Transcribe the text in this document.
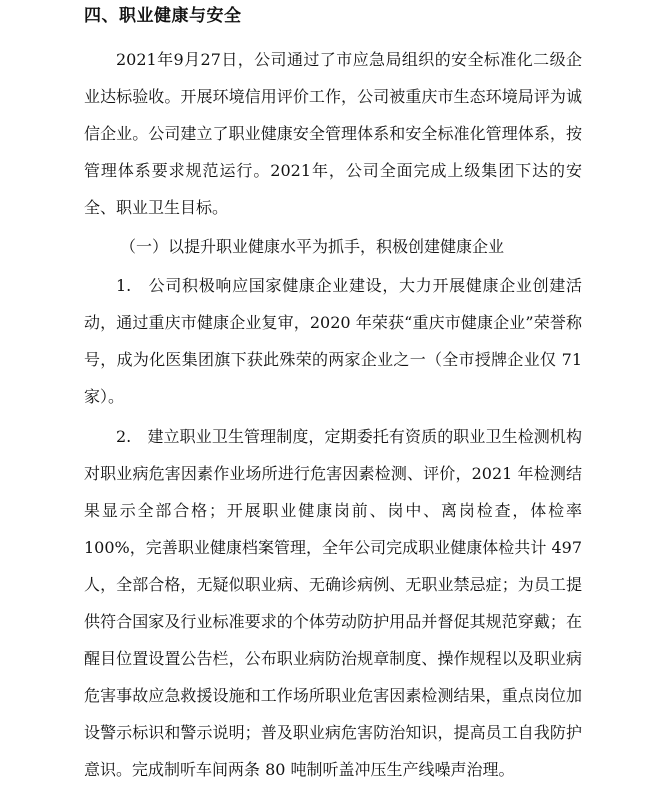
四、职业健康与安全

2021年9月27日，公司通过了市应急局组织的安全标准化二级企业达标验收。开展环境信用评价工作，公司被重庆市生态环境局评为诚信企业。公司建立了职业健康安全管理体系和安全标准化管理体系，按管理体系要求规范运行。2021年，公司全面完成上级集团下达的安全、职业卫生目标。

（一）以提升职业健康水平为抓手，积极创建健康企业

1.　公司积极响应国家健康企业建设，大力开展健康企业创建活动，通过重庆市健康企业复审，2020 年荣获“重庆市健康企业”荣誉称号，成为化医集团旗下获此殊荣的两家企业之一（全市授牌企业仅 71 家）。

2.　建立职业卫生管理制度，定期委托有资质的职业卫生检测机构对职业病危害因素作业场所进行危害因素检测、评价，2021 年检测结果显示全部合格；开展职业健康岗前、岗中、离岗检查，体检率 100%，完善职业健康档案管理，全年公司完成职业健康体检共计 497 人，全部合格，无疑似职业病、无确诊病例、无职业禁忌症；为员工提供符合国家及行业标准要求的个体劳动防护用品并督促其规范穿戴；在醒目位置设置公告栏，公布职业病防治规章制度、操作规程以及职业病危害事故应急救援设施和工作场所职业危害因素检测结果，重点岗位加设警示标识和警示说明；普及职业病危害防治知识，提高员工自我防护意识。完成制听车间两条 80 吨制听盖冲压生产线噪声治理。
